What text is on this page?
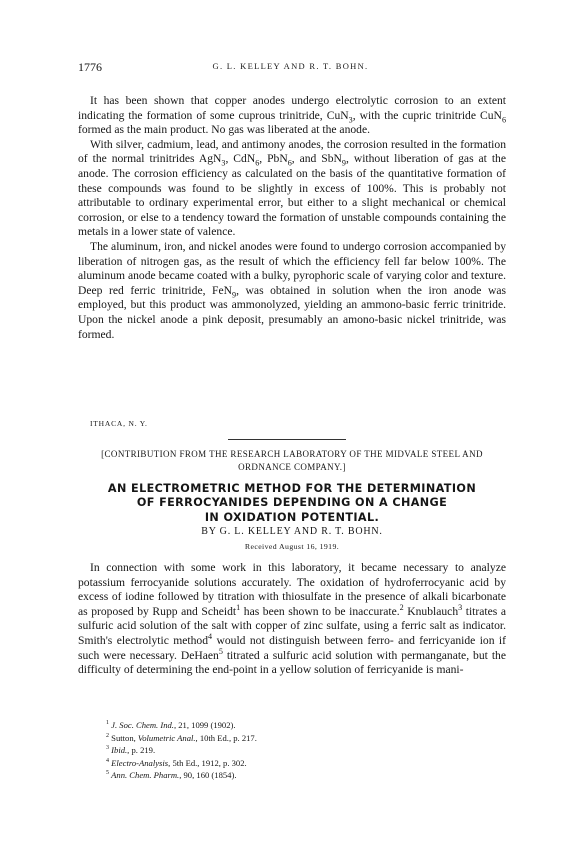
1776	G. L. KELLEY AND R. T. BOHN.

It has been shown that copper anodes undergo electrolytic corrosion to an extent indicating the formation of some cuprous trinitride, CuN$_3$, with the cupric trinitride CuN$_6$ formed as the main product. No gas was liberated at the anode.

With silver, cadmium, lead, and antimony anodes, the corrosion resulted in the formation of the normal trinitrides AgN$_3$, CdN$_6$, PbN$_6$, and SbN$_9$, without liberation of gas at the anode. The corrosion efficiency as calculated on the basis of the quantitative formation of these compounds was found to be slightly in excess of 100%. This is probably not attributable to ordinary experimental error, but either to a slight mechanical or chemical corrosion, or else to a tendency toward the formation of unstable compounds containing the metals in a lower state of valence.

The aluminum, iron, and nickel anodes were found to undergo corrosion accompanied by liberation of nitrogen gas, as the result of which the efficiency fell far below 100%. The aluminum anode became coated with a bulky, pyrophoric scale of varying color and texture. Deep red ferric trinitride, FeN$_9$, was obtained in solution when the iron anode was employed, but this product was ammonolyzed, yielding an ammono-basic ferric trinitride. Upon the nickel anode a pink deposit, presumably an amono-basic nickel trinitride, was formed.

ITHACA, N. Y.
[CONTRIBUTION FROM THE RESEARCH LABORATORY OF THE MIDVALE STEEL AND ORDNANCE COMPANY.]
AN ELECTROMETRIC METHOD FOR THE DETERMINATION
OF FERROCYANIDES DEPENDING ON A CHANGE
IN OXIDATION POTENTIAL.
BY G. L. KELLEY AND R. T. BOHN.
Received August 16, 1919.

In connection with some work in this laboratory, it became necessary to analyze potassium ferrocyanide solutions accurately. The oxidation of hydroferrocyanic acid by excess of iodine followed by titration with thiosulfate in the presence of alkali bicarbonate as proposed by Rupp and Scheidt$^1$ has been shown to be inaccurate.$^2$ Knublauch$^3$ titrates a sulfuric acid solution of the salt with copper of zinc sulfate, using a ferric salt as indicator. Smith's electrolytic method$^4$ would not distinguish between ferro- and ferricyanide ion if such were necessary. DeHaen$^5$ titrated a sulfuric acid solution with permanganate, but the difficulty of determining the end-point in a yellow solution of ferricyanide is mani-

$^1$ J. Soc. Chem. Ind., 21, 1099 (1902).
$^2$ Sutton, Volumetric Anal., 10th Ed., p. 217.
$^3$ Ibid., p. 219.
$^4$ Electro-Analysis, 5th Ed., 1912, p. 302.
$^5$ Ann. Chem. Pharm., 90, 160 (1854).
